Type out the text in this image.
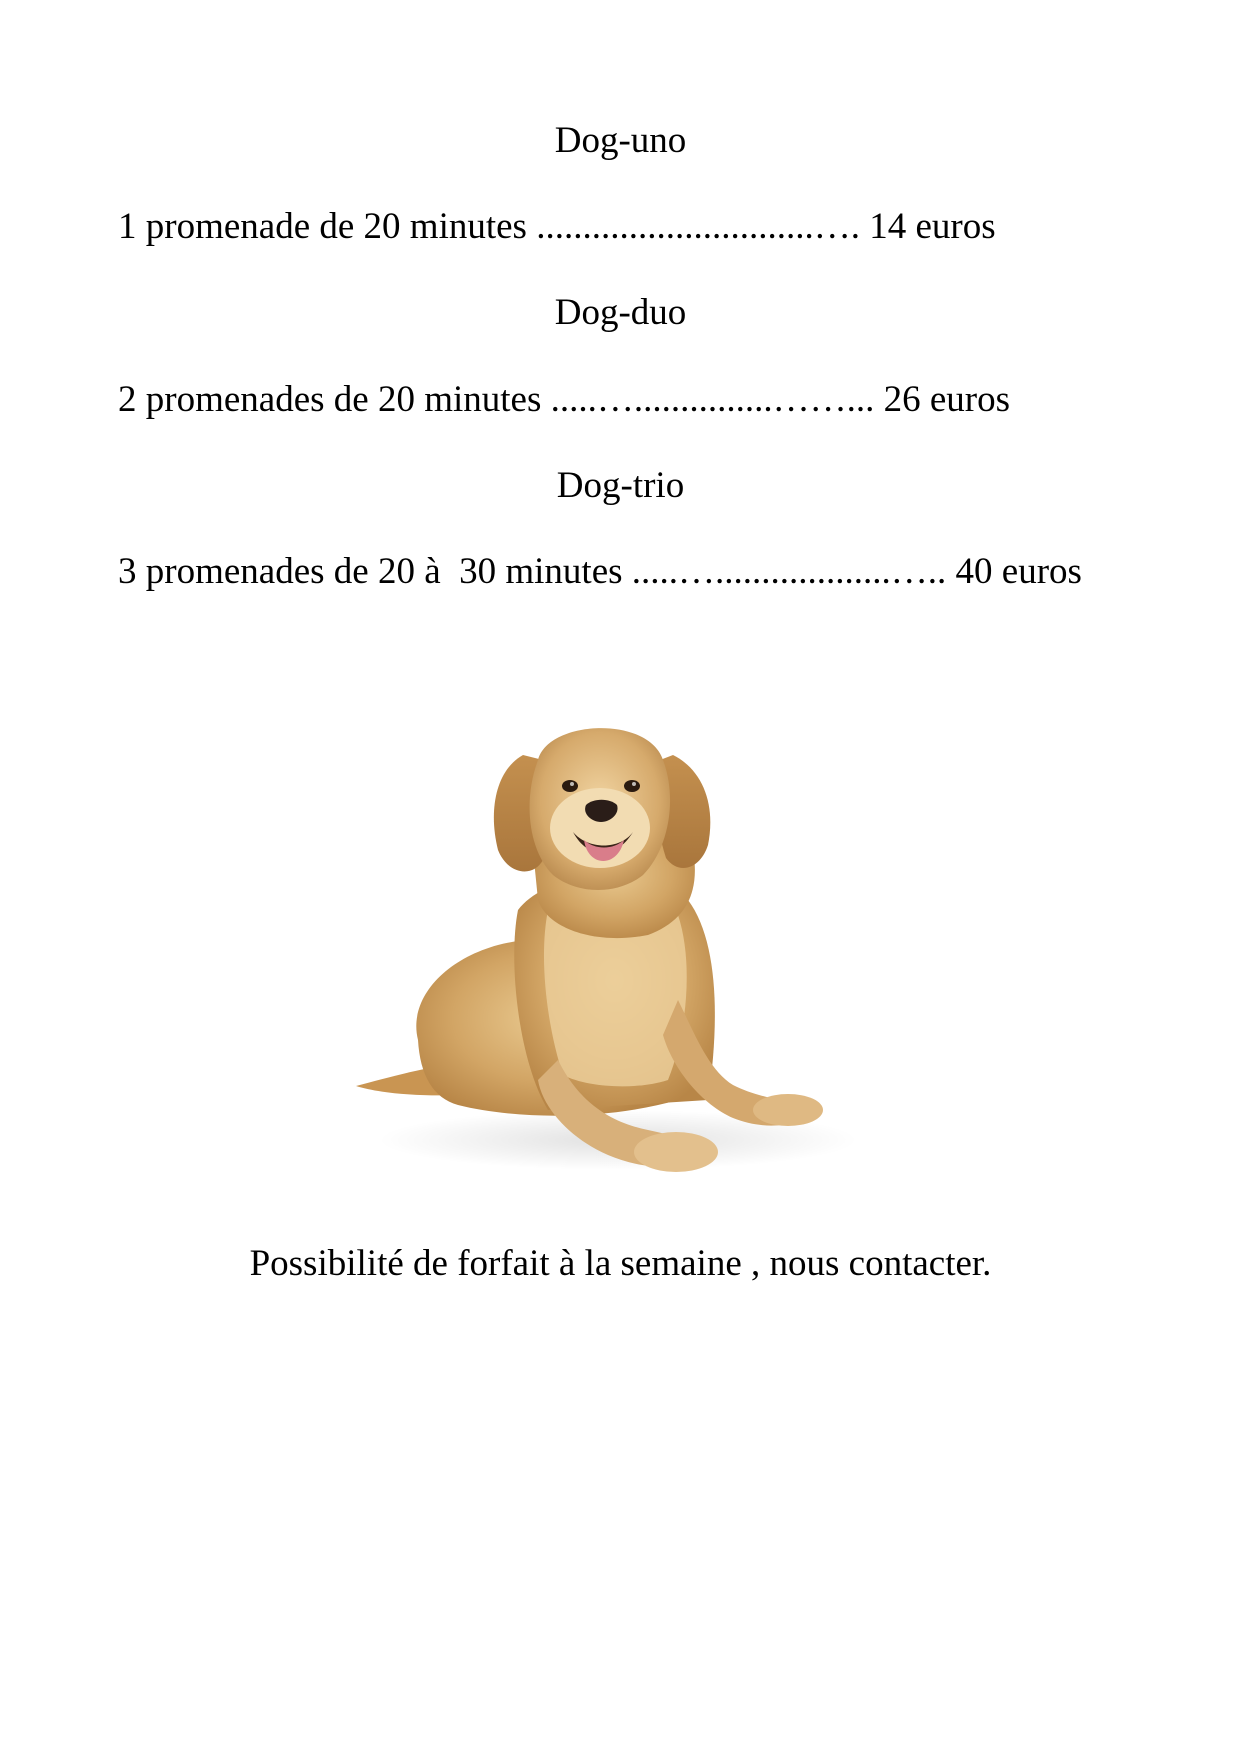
Dog-uno

1 promenade de 20 minutes ..............................…. 14 euros

Dog-duo

2 promenades de 20 minutes .....…...............……... 26 euros

Dog-trio

3 promenades de 20 à  30 minutes .....…...................….. 40 euros

Possibilité de forfait à la semaine , nous contacter.
